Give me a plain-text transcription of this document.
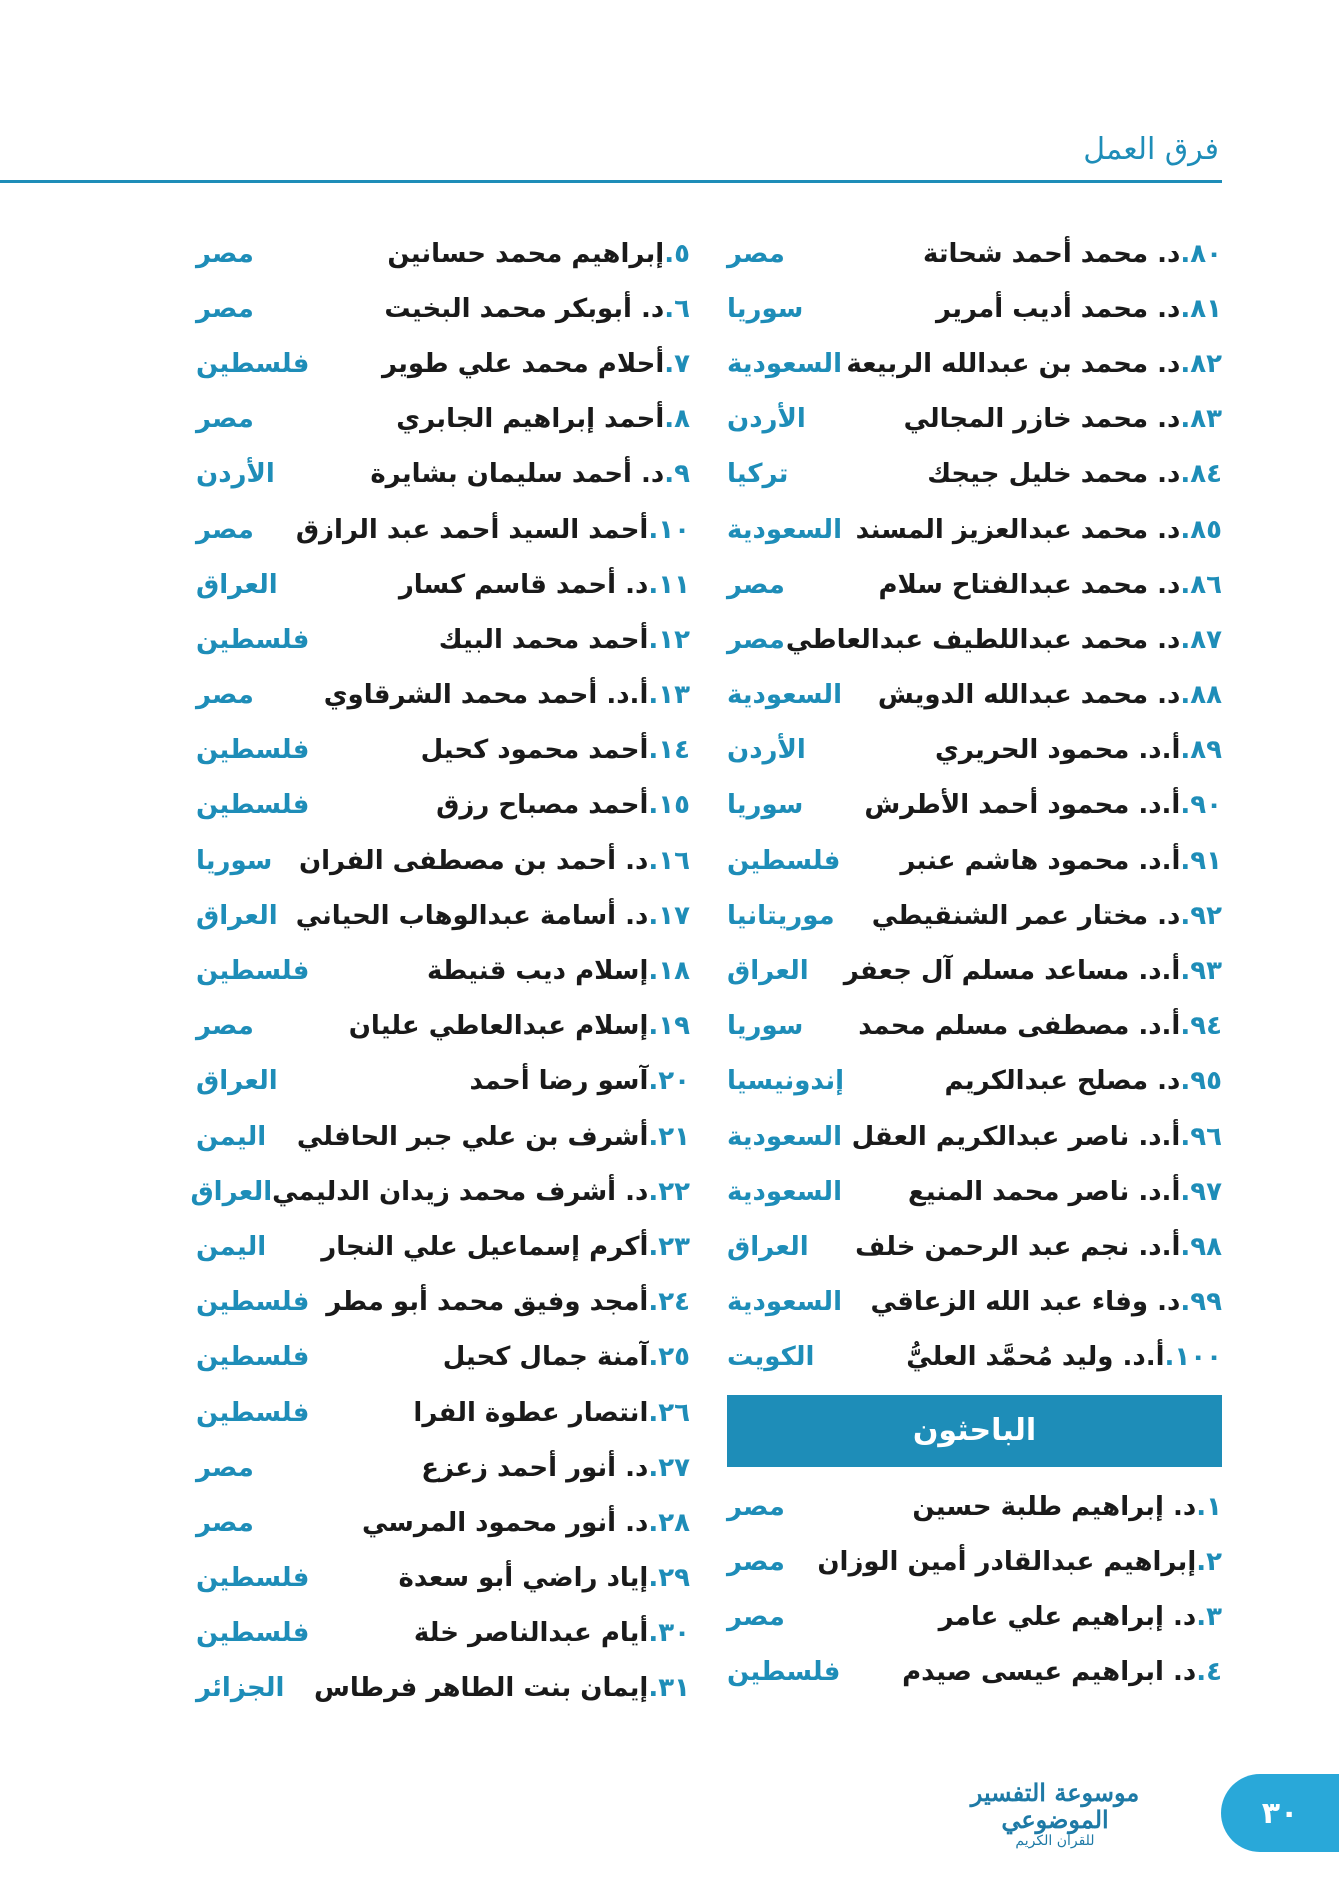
فرق العمل
٨٠.د. محمد أحمد شحاتة
مصر
٨١.د. محمد أديب أمرير
سوريا
٨٢.د. محمد بن عبدالله الربيعة
السعودية
٨٣.د. محمد خازر المجالي
الأردن
٨٤.د. محمد خليل جيجك
تركيا
٨٥.د. محمد عبدالعزيز المسند
السعودية
٨٦.د. محمد عبدالفتاح سلام
مصر
٨٧.د. محمد عبداللطيف عبدالعاطي
مصر
٨٨.د. محمد عبدالله الدويش
السعودية
٨٩.أ.د. محمود الحريري
الأردن
٩٠.أ.د. محمود أحمد الأطرش
سوريا
٩١.أ.د. محمود هاشم عنبر
فلسطين
٩٢.د. مختار عمر الشنقيطي
موريتانيا
٩٣.أ.د. مساعد مسلم آل جعفر
العراق
٩٤.أ.د. مصطفى مسلم محمد
سوريا
٩٥.د. مصلح عبدالكريم
إندونيسيا
٩٦.أ.د. ناصر عبدالكريم العقل
السعودية
٩٧.أ.د. ناصر محمد المنيع
السعودية
٩٨.أ.د. نجم عبد الرحمن خلف
العراق
٩٩.د. وفاء عبد الله الزعاقي
السعودية
١٠٠.أ.د. وليد مُحمَّد العليُّ
الكويت
الباحثون
١.د. إبراهيم طلبة حسين
مصر
٢.إبراهيم عبدالقادر أمين الوزان
مصر
٣.د. إبراهيم علي عامر
مصر
٤.د. ابراهيم عيسى صيدم
فلسطين
٥.إبراهيم محمد حسانين
مصر
٦.د. أبوبكر محمد البخيت
مصر
٧.أحلام محمد علي طوير
فلسطين
٨.أحمد إبراهيم الجابري
مصر
٩.د. أحمد سليمان بشايرة
الأردن
١٠.أحمد السيد أحمد عبد الرازق
مصر
١١.د. أحمد قاسم كسار
العراق
١٢.أحمد محمد البيك
فلسطين
١٣.أ.د. أحمد محمد الشرقاوي
مصر
١٤.أحمد محمود كحيل
فلسطين
١٥.أحمد مصباح رزق
فلسطين
١٦.د. أحمد بن مصطفى الفران
سوريا
١٧.د. أسامة عبدالوهاب الحياني
العراق
١٨.إسلام ديب قنيطة
فلسطين
١٩.إسلام عبدالعاطي عليان
مصر
٢٠.آسو رضا أحمد
العراق
٢١.أشرف بن علي جبر الحافلي
اليمن
٢٢.د. أشرف محمد زيدان الدليمي
العراق
٢٣.أكرم إسماعيل علي النجار
اليمن
٢٤.أمجد وفيق محمد أبو مطر
فلسطين
٢٥.آمنة جمال كحيل
فلسطين
٢٦.انتصار عطوة الفرا
فلسطين
٢٧.د. أنور أحمد زعزع
مصر
٢٨.د. أنور محمود المرسي
مصر
٢٩.إياد راضي أبو سعدة
فلسطين
٣٠.أيام عبدالناصر خلة
فلسطين
٣١.إيمان بنت الطاهر فرطاس
الجزائر
موسوعة التفسير الموضوعي
للقرآن الكريم
٣٠
